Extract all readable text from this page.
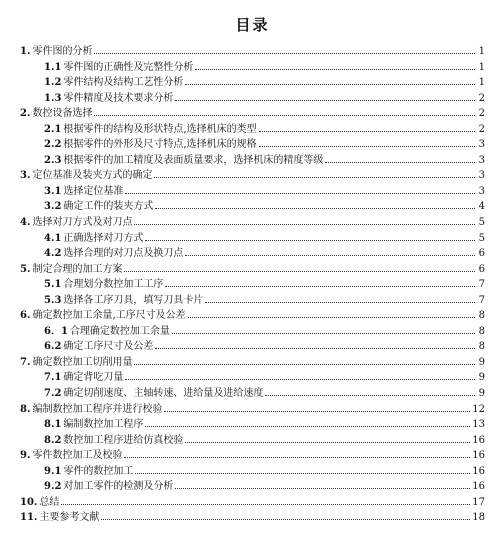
目录
1. 零件图的分析	1
1.1 零件图的正确性及完整性分析	1
1.2 零件结构及结构工艺性分析	1
1.3 零件精度及技术要求分析	2
2. 数控设备选择	2
2.1 根据零件的结构及形状特点,选择机床的类型	2
2.2 根据零件的外形及尺寸特点,选择机床的规格	3
2.3 根据零件的加工精度及表面质量要求，选择机床的精度等级	3
3. 定位基准及装夹方式的确定	3
3.1 选择定位基准	3
3.2 确定工件的装夹方式	4
4. 选择对刀方式及对刀点	5
4.1 正确选择对刀方式	5
4.2 选择合理的对刀点及换刀点	6
5. 制定合理的加工方案	6
5.1 合理划分数控加工工序	7
5.3 选择各工序刀具，填写刀具卡片	7
6. 确定数控加工余量,工序尺寸及公差	8
6．1 合理确定数控加工余量	8
6.2 确定工序尺寸及公差	8
7. 确定数控加工切削用量	9
7.1 确定背吃刀量	9
7.2 确定切削速度、主轴转速、进给量及进给速度	9
8. 编制数控加工程序并进行校验	12
8.1 编制数控加工程序	13
8.2 数控加工程序进给仿真校验	16
9. 零件数控加工及校验	16
9.1 零件的数控加工	16
9.2 对加工零件的检测及分析	16
10. 总结	17
11. 主要参考文献	18
